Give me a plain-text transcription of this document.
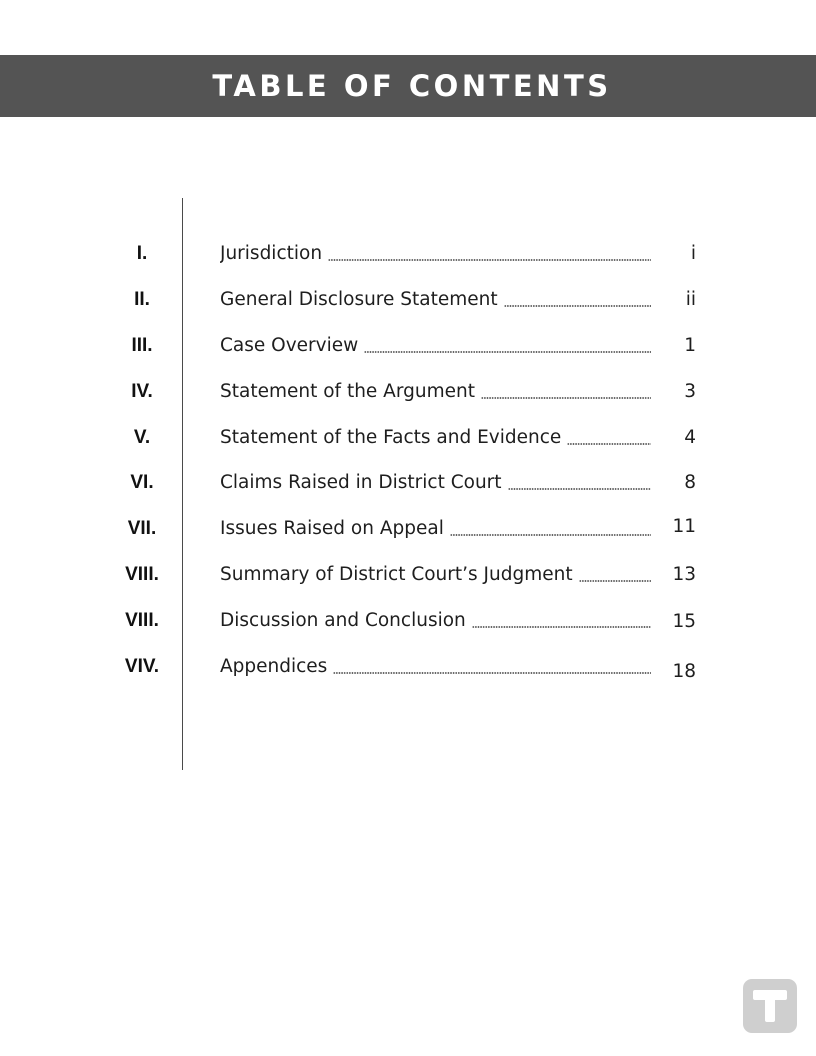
TABLE OF CONTENTS
I.	Jurisdiction	i
II.	General Disclosure Statement	ii
III.	Case Overview	1
IV.	Statement of the Argument	3
V.	Statement of the Facts and Evidence	4
VI.	Claims Raised in District Court	8
VII.	Issues Raised on Appeal	11
VIII.	Summary of District Court’s Judgment	13
VIII.	Discussion and Conclusion	15
VIV.	Appendices	18
